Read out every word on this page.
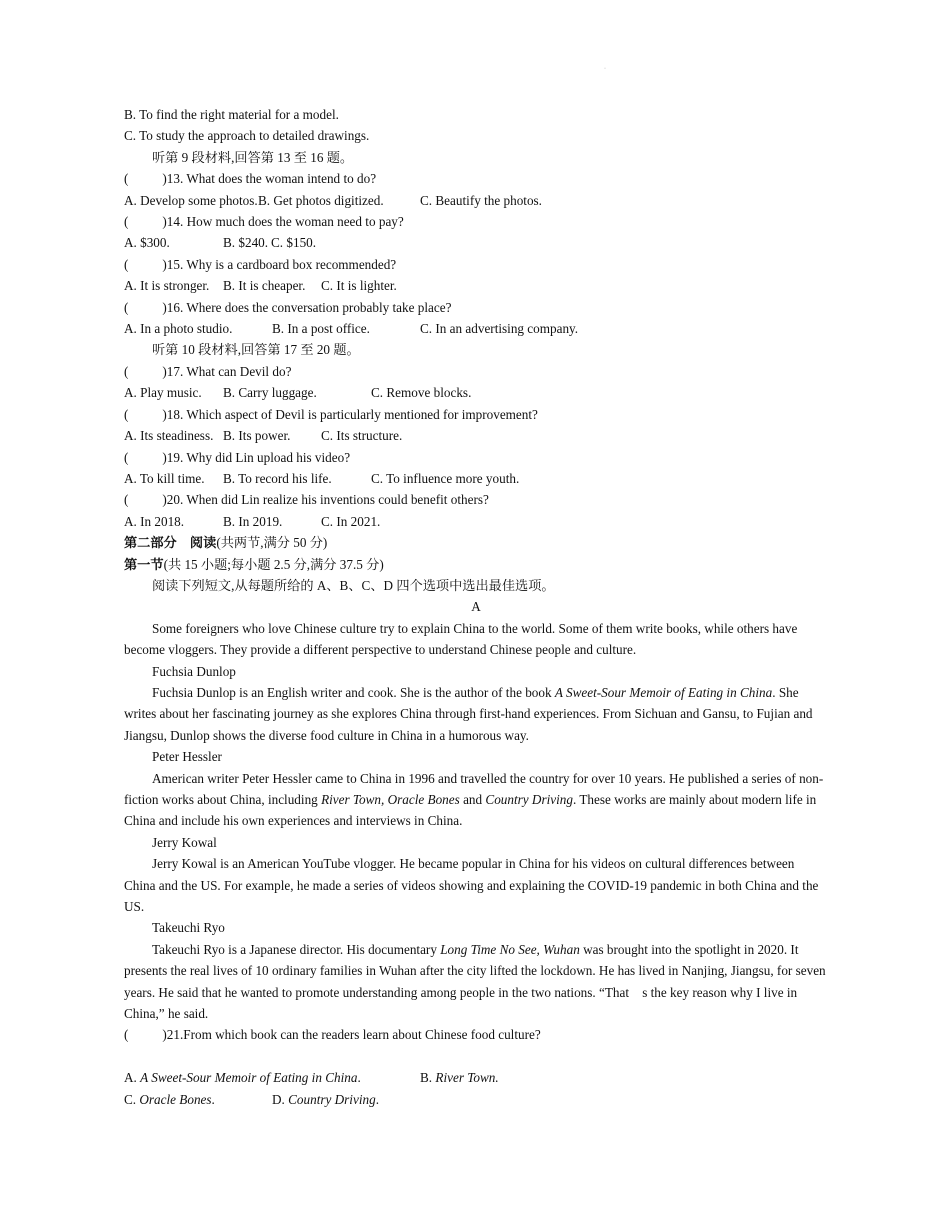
·
B. To find the right material for a model.
C. To study the approach to detailed drawings.
听第 9 段材料,回答第 13 至 16 题。
(	)13. What does the woman intend to do?
A. Develop some photos.B. Get photos digitized.	C. Beautify the photos.
(	)14. How much does the woman need to pay?
A. $300.	B. $240. C. $150.
(	)15. Why is a cardboard box recommended?
A. It is stronger. B. It is cheaper. C. It is lighter.
(	)16. Where does the conversation probably take place?
A. In a photo studio.	B. In a post office.	C. In an advertising company.
听第 10 段材料,回答第 17 至 20 题。
(	)17. What can Devil do?
A. Play music. B. Carry luggage.	C. Remove blocks.
(	)18. Which aspect of Devil is particularly mentioned for improvement?
A. Its steadiness. B. Its power. C. Its structure.
(	)19. Why did Lin upload his video?
A. To kill time. B. To record his life.	C. To influence more youth.
(	)20. When did Lin realize his inventions could benefit others?
A. In 2018.	B. In 2019.	C. In 2021.
第二部分　阅读(共两节,满分 50 分)
第一节(共 15 小题;每小题 2.5 分,满分 37.5 分)
阅读下列短文,从每题所给的 A、B、C、D 四个选项中选出最佳选项。
A
Some foreigners who love Chinese culture try to explain China to the world. Some of them write books, while others have become vloggers. They provide a different perspective to understand Chinese people and culture.
Fuchsia Dunlop
Fuchsia Dunlop is an English writer and cook. She is the author of the book A Sweet-Sour Memoir of Eating in China. She writes about her fascinating journey as she explores China through first-hand experiences. From Sichuan and Gansu, to Fujian and Jiangsu, Dunlop shows the diverse food culture in China in a humorous way.
Peter Hessler
American writer Peter Hessler came to China in 1996 and travelled the country for over 10 years. He published a series of non-fiction works about China, including River Town, Oracle Bones and Country Driving. These works are mainly about modern life in China and include his own experiences and interviews in China.
Jerry Kowal
Jerry Kowal is an American YouTube vlogger. He became popular in China for his videos on cultural differences between China and the US. For example, he made a series of videos showing and explaining the COVID-19 pandemic in both China and the US.
Takeuchi Ryo
Takeuchi Ryo is a Japanese director. His documentary Long Time No See, Wuhan was brought into the spotlight in 2020. It presents the real lives of 10 ordinary families in Wuhan after the city lifted the lockdown. He has lived in Nanjing, Jiangsu, for seven years. He said that he wanted to promote understanding among people in the two nations. “That　s the key reason why I live in China,” he said.
(	)21.From which book can the readers learn about Chinese food culture?
A. A Sweet-Sour Memoir of Eating in China.	B. River Town.
C. Oracle Bones.	D. Country Driving.
